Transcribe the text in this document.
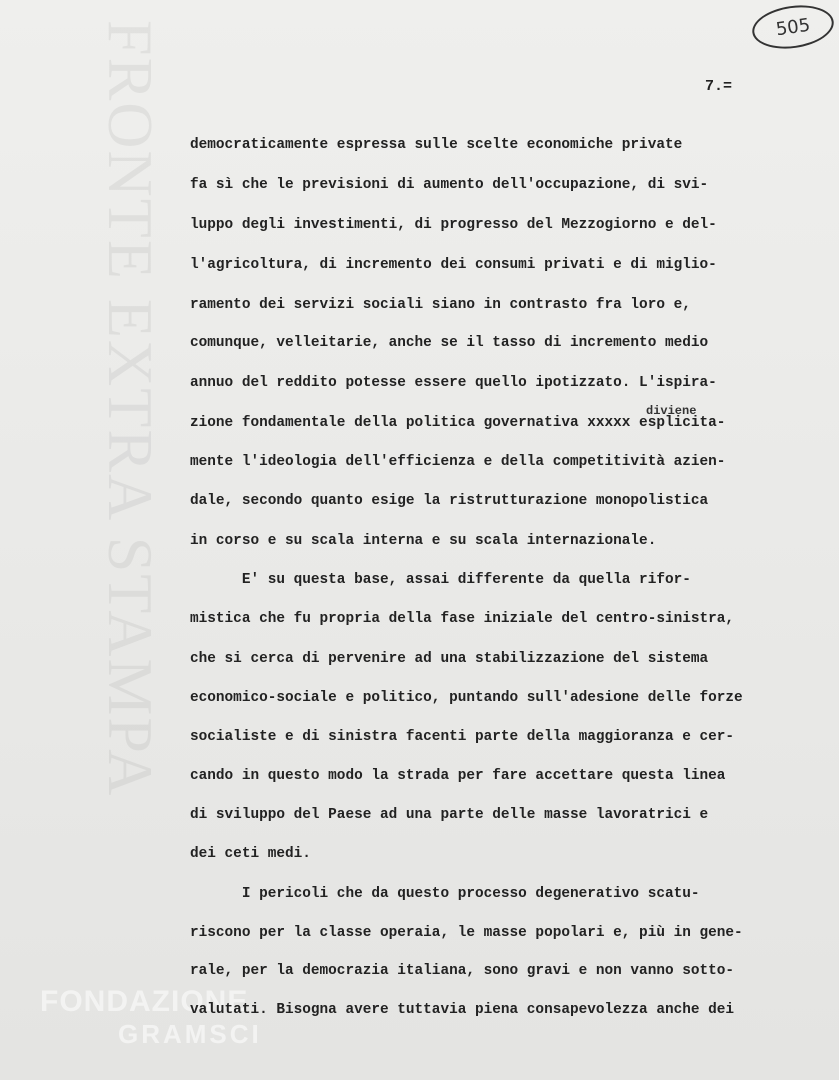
FRONTE EXTRA STAMPA
FONDAZIONE
GRAMSCI
505
7.=
diviene
democraticamente espressa sulle scelte economiche private
fa sì che le previsioni di aumento dell'occupazione, di svi-
luppo degli investimenti, di progresso del Mezzogiorno e del-
l'agricoltura, di incremento dei consumi privati e di miglio-
ramento dei servizi sociali siano in contrasto fra loro e,
comunque, velleitarie, anche se il tasso di incremento medio
annuo del reddito potesse essere quello ipotizzato. L'ispira-
zione fondamentale della politica governativa xxxxx esplicita-
mente l'ideologia dell'efficienza e della competitività azien-
dale, secondo quanto esige la ristrutturazione monopolistica
in corso e su scala interna e su scala internazionale.
E' su questa base, assai differente da quella rifor-
mistica che fu propria della fase iniziale del centro-sinistra,
che si cerca di pervenire ad una stabilizzazione del sistema
economico-sociale e politico, puntando sull'adesione delle forze
socialiste e di sinistra facenti parte della maggioranza e cer-
cando in questo modo la strada per fare accettare questa linea
di sviluppo del Paese ad una parte delle masse lavoratrici e
dei ceti medi.
I pericoli che da questo processo degenerativo scatu-
riscono per la classe operaia, le masse popolari e, più in gene-
rale, per la democrazia italiana, sono gravi e non vanno sotto-
valutati. Bisogna avere tuttavia piena consapevolezza anche dei
